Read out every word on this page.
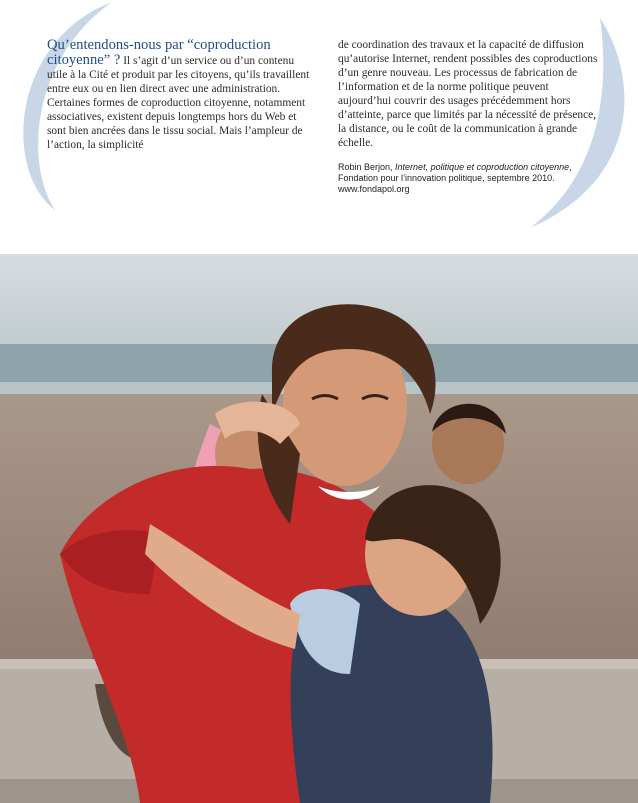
Qu’entendons-nous par “coproduction citoyenne” ? Il s’agit d’un service ou d’un contenu utile à la Cité et produit par les citoyens, qu’ils travaillent entre eux ou en lien direct avec une administration. Certaines formes de coproduction citoyenne, notamment associatives, existent depuis longtemps hors du Web et sont bien ancrées dans le tissu social. Mais l’ampleur de l’action, la simplicité
de coordination des travaux et la capacité de diffusion qu’autorise Internet, rendent possibles des coproductions d’un genre nouveau. Les processus de fabrication de l’information et de la norme politique peuvent aujourd’hui couvrir des usages précédemment hors d’atteinte, parce que limités par la nécessité de présence, la distance, ou le coût de la communication à grande échelle.
Robin Berjon, Internet, politique et coproduction citoyenne, Fondation pour l’innovation politique, septembre 2010.
www.fondapol.org
